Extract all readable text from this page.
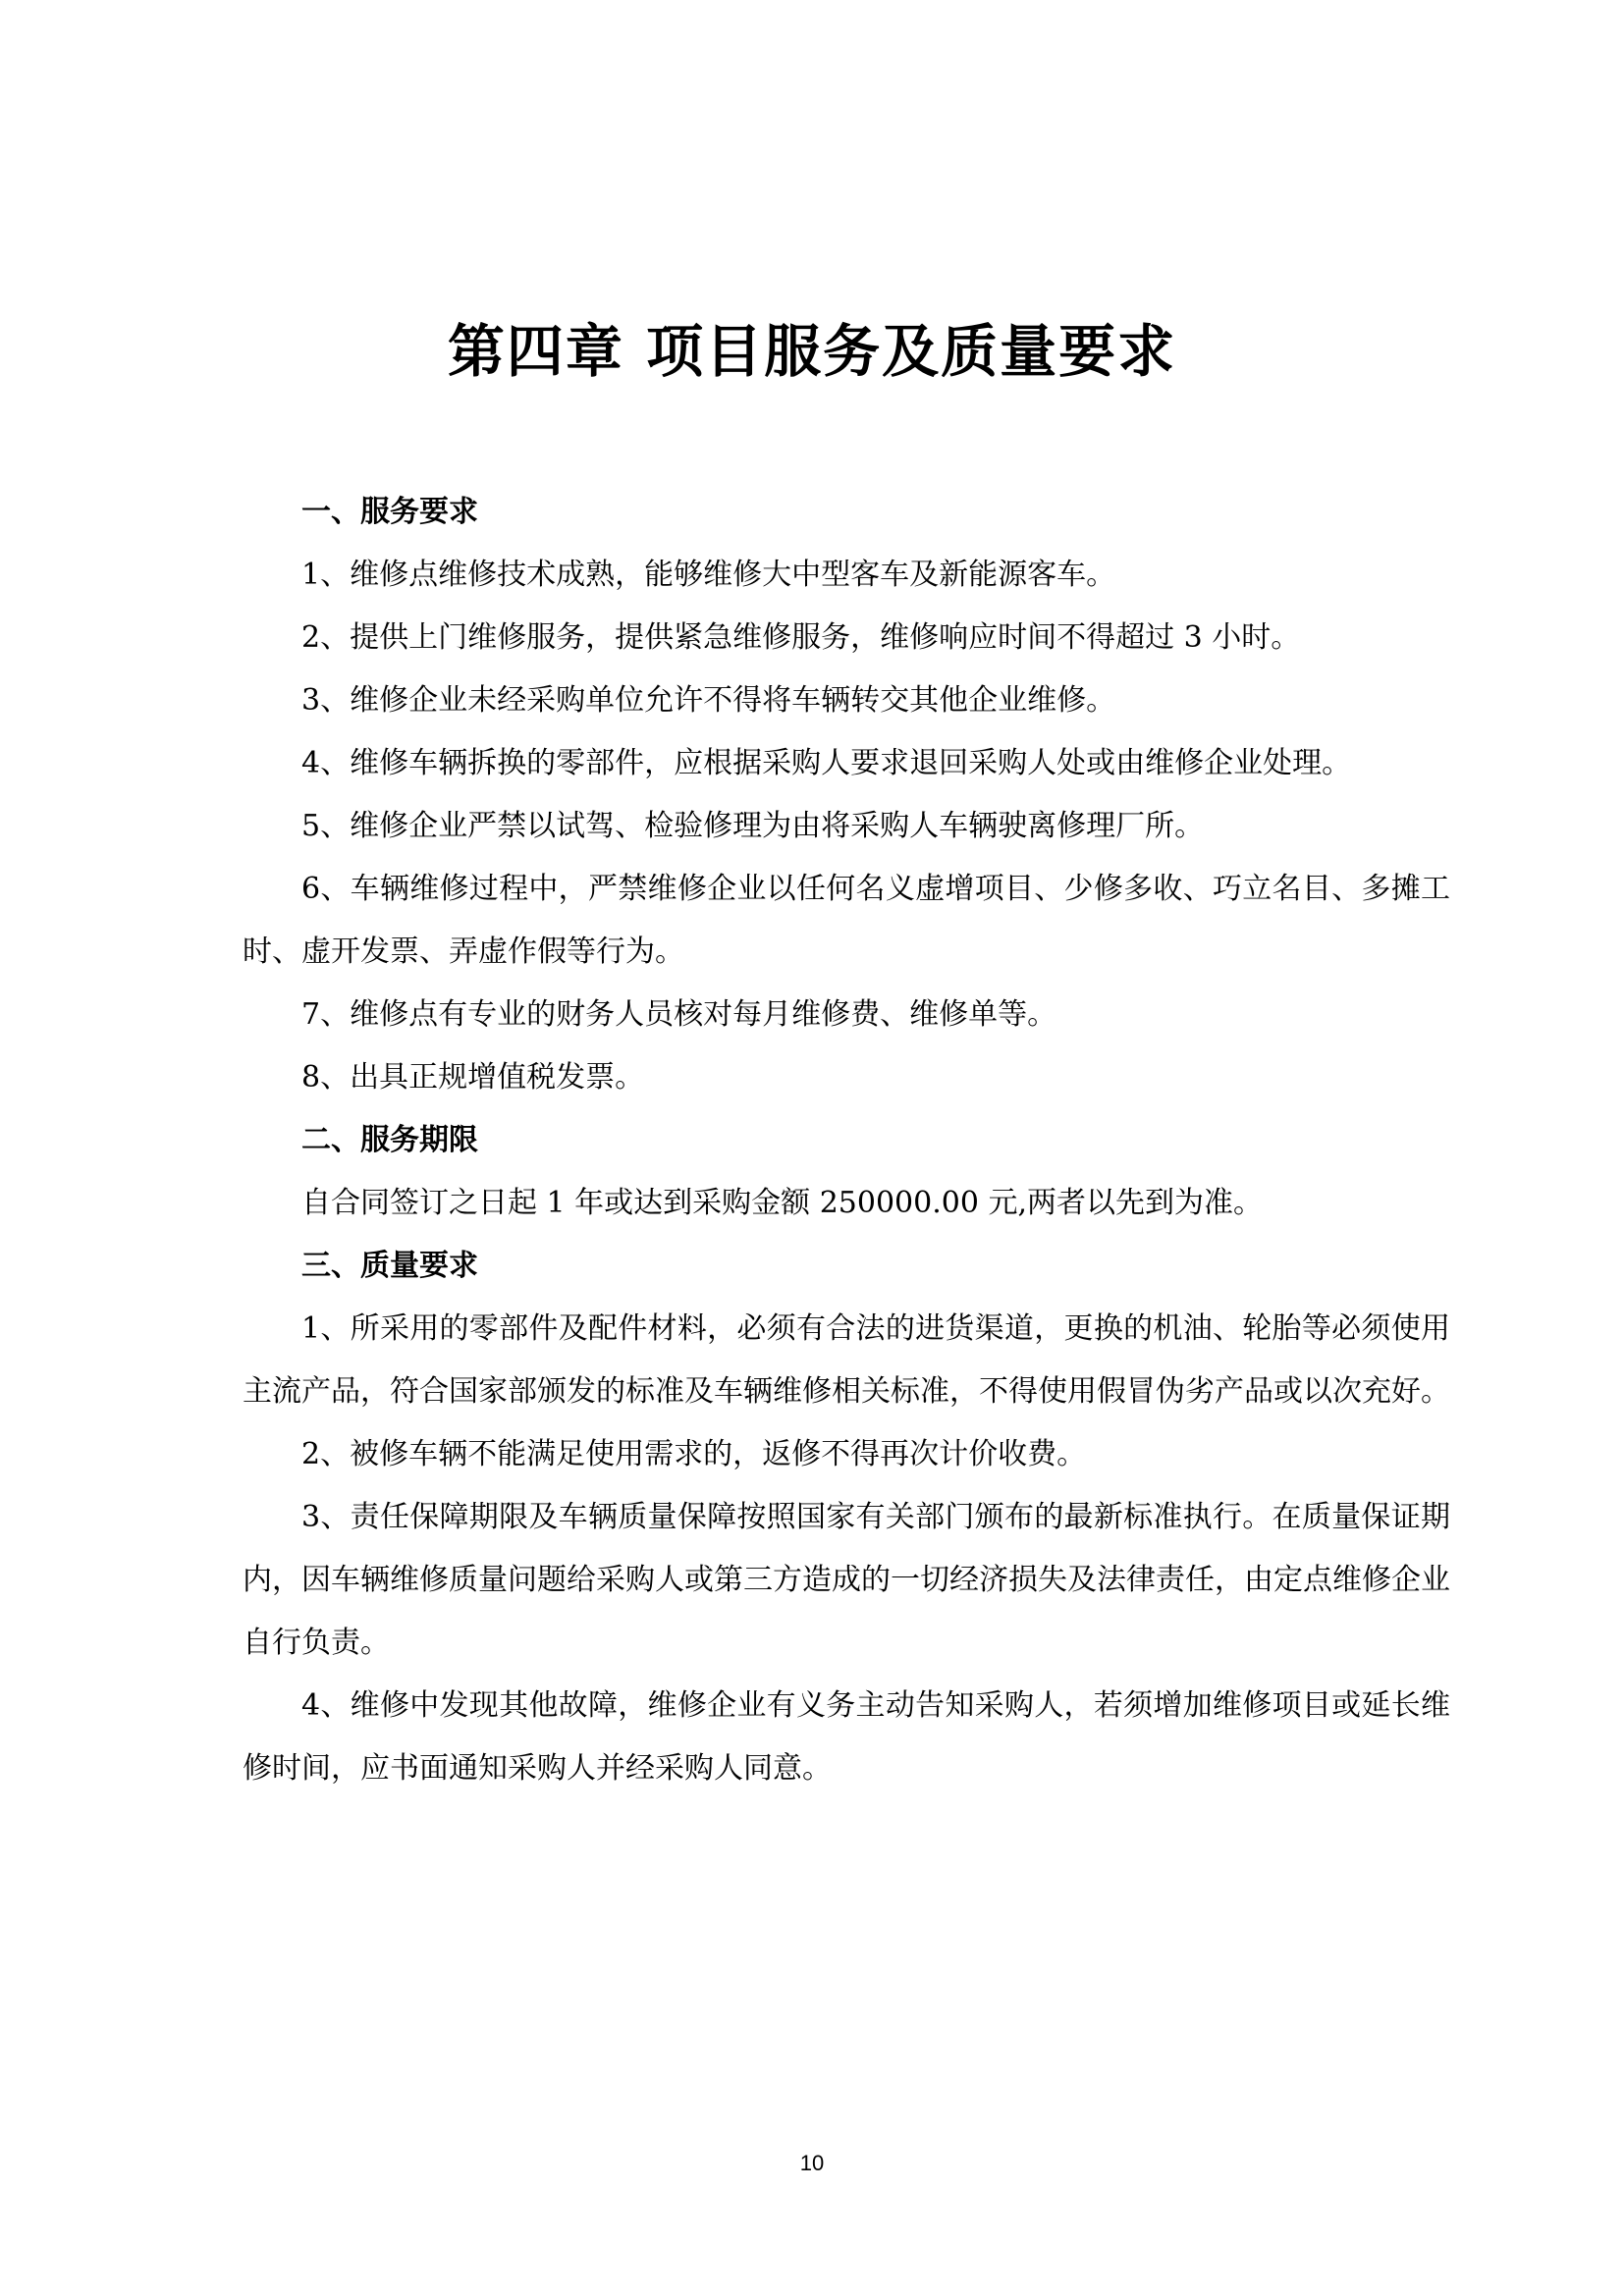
第四章 项目服务及质量要求
一、服务要求

1、维修点维修技术成熟，能够维修大中型客车及新能源客车。

2、提供上门维修服务，提供紧急维修服务，维修响应时间不得超过 3 小时。

3、维修企业未经采购单位允许不得将车辆转交其他企业维修。

4、维修车辆拆换的零部件，应根据采购人要求退回采购人处或由维修企业处理。

5、维修企业严禁以试驾、检验修理为由将采购人车辆驶离修理厂所。

6、车辆维修过程中，严禁维修企业以任何名义虚增项目、少修多收、巧立名目、多摊工时、虚开发票、弄虚作假等行为。

7、维修点有专业的财务人员核对每月维修费、维修单等。

8、出具正规增值税发票。

二、服务期限

自合同签订之日起 1 年或达到采购金额 250000.00 元,两者以先到为准。

三、质量要求

1、所采用的零部件及配件材料，必须有合法的进货渠道，更换的机油、轮胎等必须使用主流产品，符合国家部颁发的标准及车辆维修相关标准，不得使用假冒伪劣产品或以次充好。

2、被修车辆不能满足使用需求的，返修不得再次计价收费。

3、责任保障期限及车辆质量保障按照国家有关部门颁布的最新标准执行。在质量保证期内，因车辆维修质量问题给采购人或第三方造成的一切经济损失及法律责任，由定点维修企业自行负责。

4、维修中发现其他故障，维修企业有义务主动告知采购人，若须增加维修项目或延长维修时间，应书面通知采购人并经采购人同意。

10
